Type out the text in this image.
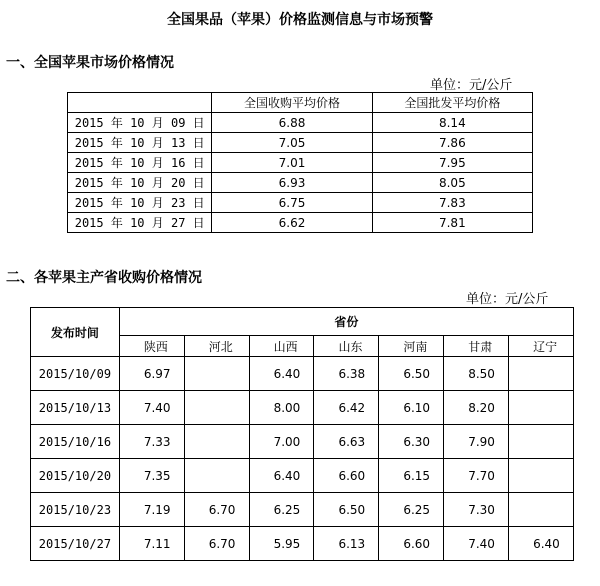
全国果品（苹果）价格监测信息与市场预警
一、全国苹果市场价格情况
单位：元/公斤
	全国收购平均价格	全国批发平均价格
2015 年 10 月 09 日	6.88	8.14
2015 年 10 月 13 日	7.05	7.86
2015 年 10 月 16 日	7.01	7.95
2015 年 10 月 20 日	6.93	8.05
2015 年 10 月 23 日	6.75	7.83
2015 年 10 月 27 日	6.62	7.81
二、各苹果主产省收购价格情况
单位：元/公斤
发布时间	省份						
	陕西	河北	山西	山东	河南	甘肃	辽宁
2015/10/09	6.97		6.40	6.38	6.50	8.50	
2015/10/13	7.40		8.00	6.42	6.10	8.20	
2015/10/16	7.33		7.00	6.63	6.30	7.90	
2015/10/20	7.35		6.40	6.60	6.15	7.70	
2015/10/23	7.19	6.70	6.25	6.50	6.25	7.30	
2015/10/27	7.11	6.70	5.95	6.13	6.60	7.40	6.40
